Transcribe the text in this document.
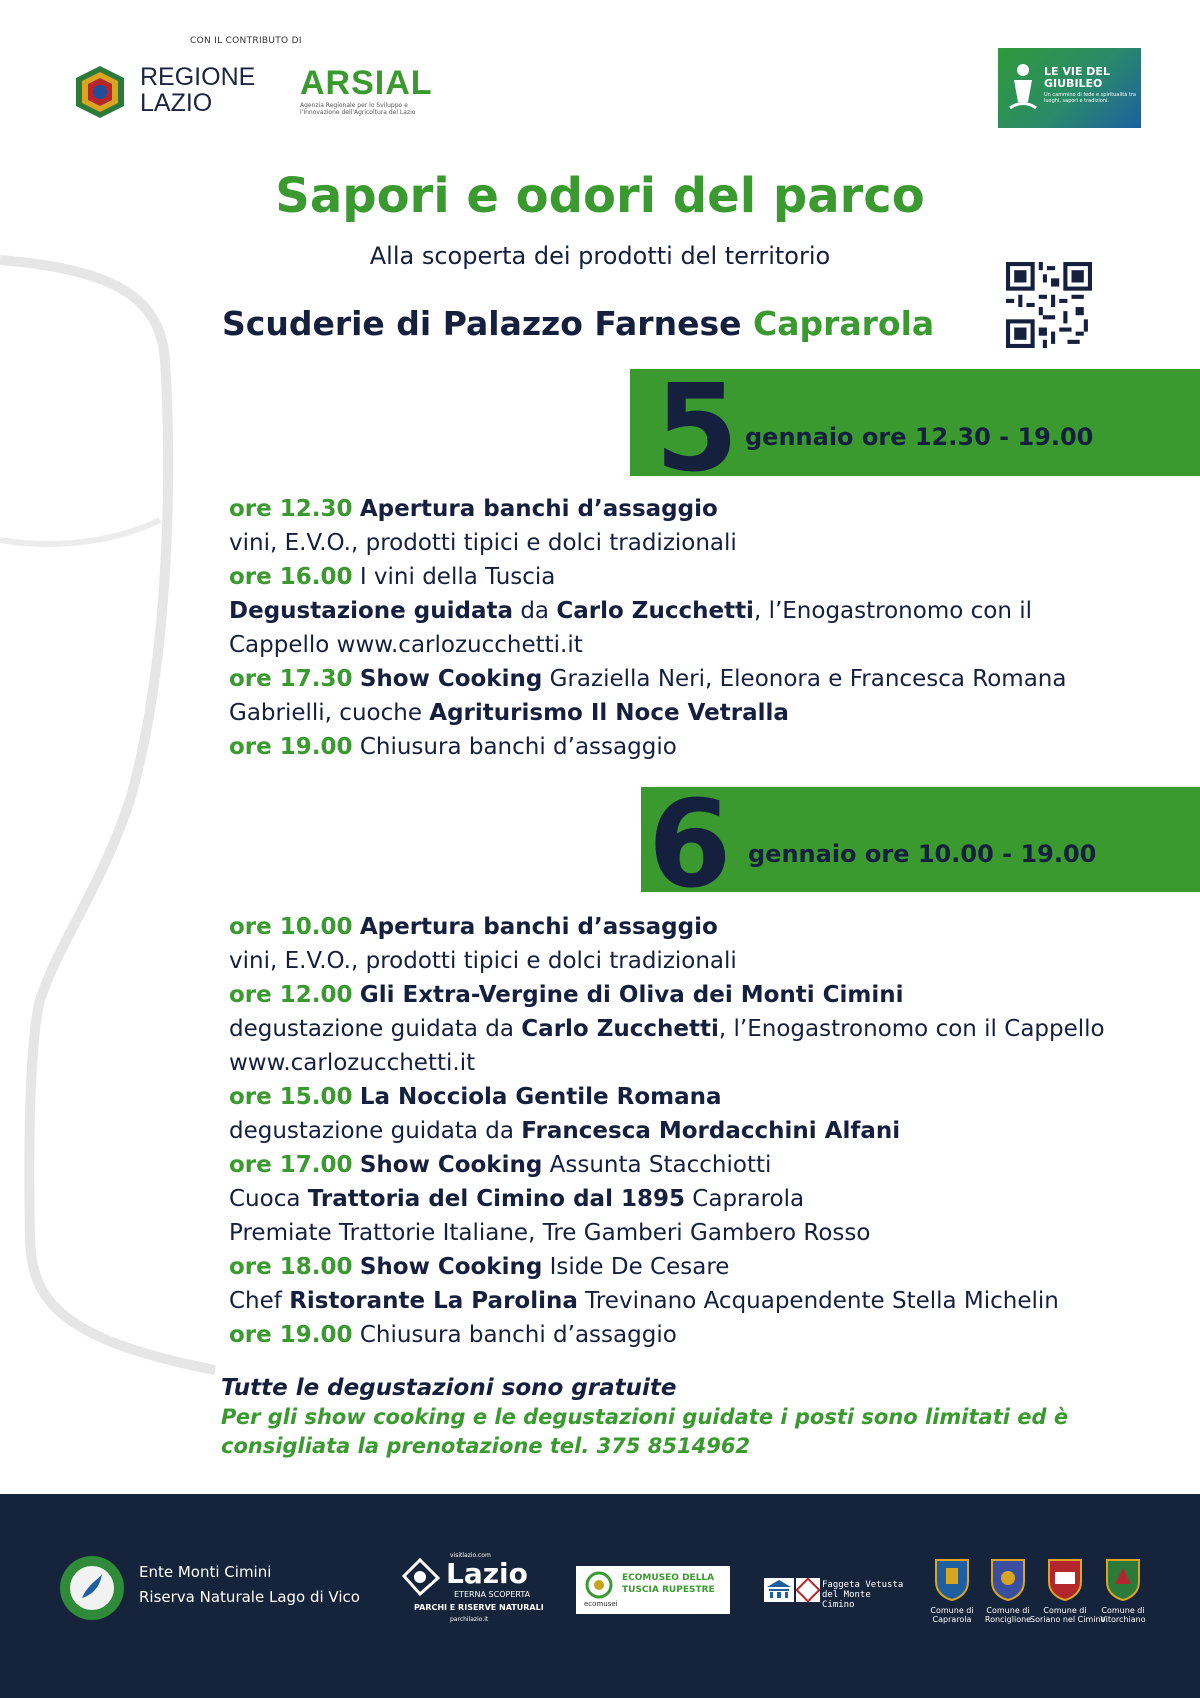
CON IL CONTRIBUTO DI
REGIONE
LAZIO
ARSIAL
Agenzia Regionale per lo Sviluppo e l'Innovazione dell'Agricoltura del Lazio
LE VIE DEL GIUBILEO
Un cammino di fede e spiritualità tra luoghi, sapori e tradizioni.
Sapori e odori del parco
Alla scoperta dei prodotti del territorio
Scuderie di Palazzo Farnese Caprarola
5 gennaio ore 12.30 - 19.00
ore 12.30 Apertura banchi d’assaggio
vini, E.V.O., prodotti tipici e dolci tradizionali
ore 16.00 I vini della Tuscia
Degustazione guidata da Carlo Zucchetti, l’Enogastronomo con il
Cappello www.carlozucchetti.it
ore 17.30 Show Cooking Graziella Neri, Eleonora e Francesca Romana
Gabrielli, cuoche Agriturismo Il Noce Vetralla
ore 19.00 Chiusura banchi d’assaggio
6 gennaio ore 10.00 - 19.00
ore 10.00 Apertura banchi d’assaggio
vini, E.V.O., prodotti tipici e dolci tradizionali
ore 12.00 Gli Extra-Vergine di Oliva dei Monti Cimini
degustazione guidata da Carlo Zucchetti, l’Enogastronomo con il Cappello
www.carlozucchetti.it
ore 15.00 La Nocciola Gentile Romana
degustazione guidata da Francesca Mordacchini Alfani
ore 17.00 Show Cooking Assunta Stacchiotti
Cuoca Trattoria del Cimino dal 1895 Caprarola
Premiate Trattorie Italiane, Tre Gamberi Gambero Rosso
ore 18.00 Show Cooking Iside De Cesare
Chef Ristorante La Parolina Trevinano Acquapendente Stella Michelin
ore 19.00 Chiusura banchi d’assaggio
Tutte le degustazioni sono gratuite
Per gli show cooking e le degustazioni guidate i posti sono limitati ed è
consigliata la prenotazione tel. 375 8514962
Ente Monti Cimini
Riserva Naturale Lago di Vico
visitlazio.com
Lazio
ETERNA SCOPERTA
PARCHI E RISERVE NATURALI
parchilazio.it
ecomusei
ECOMUSEO DELLA TUSCIA RUPESTRE	Faggeta Vetusta del Monte Cimino
Comune di
Caprarola
Comune di
Ronciglione
Comune di
Soriano nel Cimino
Comune di
Vitorchiano
